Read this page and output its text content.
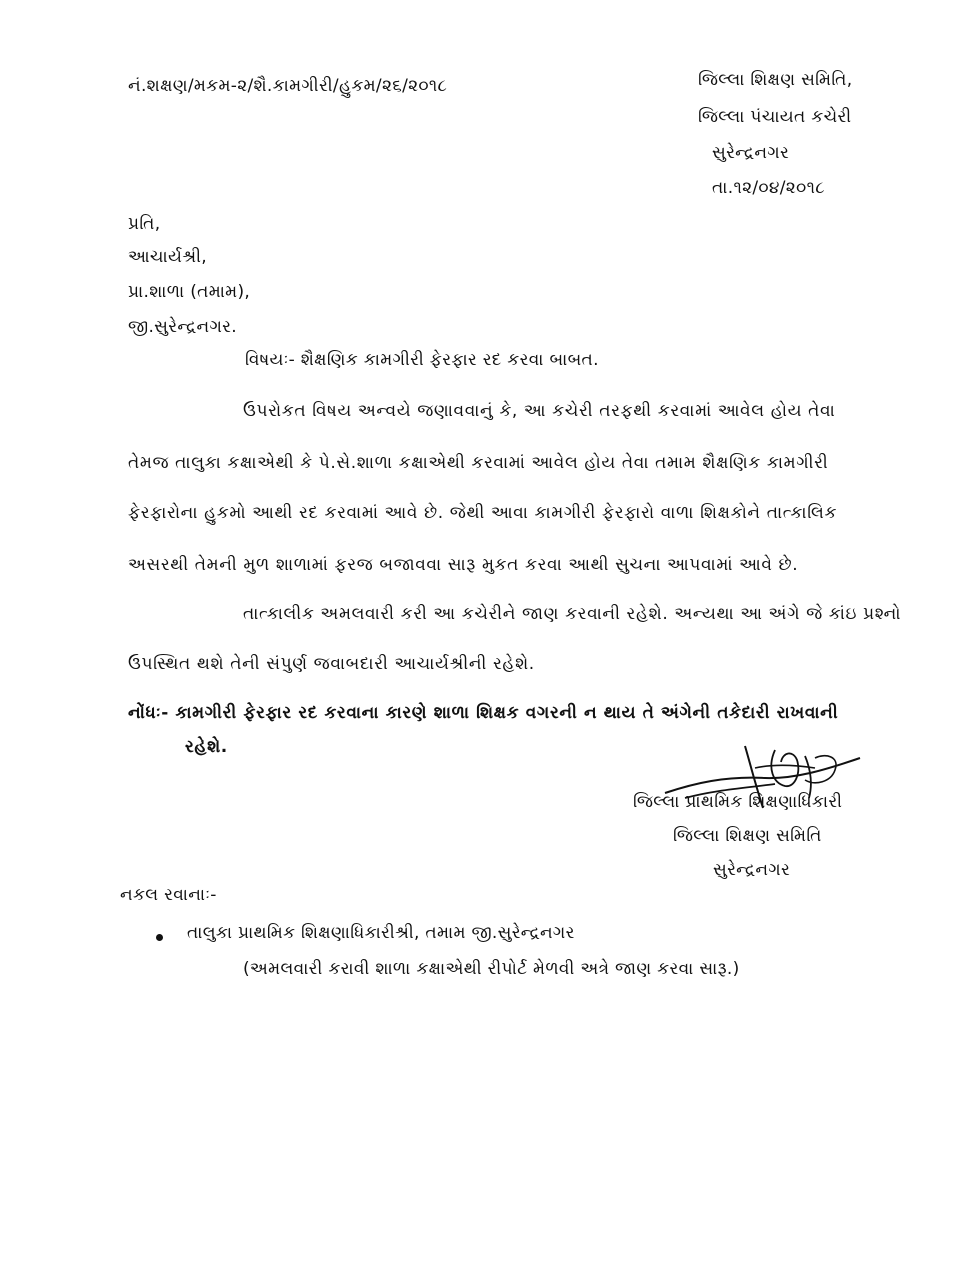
નં.શક્ષણ/મકમ-૨/શૈ.કામગીરી/હુકમ/૨૬/૨૦૧૮	જિલ્લા શિક્ષણ સમિતિ,
જિલ્લા પંચાયત કચેરી
સુરેન્દ્રનગર
તા.૧૨/૦૪/૨૦૧૮
પ્રતિ,
આચાર્યશ્રી,
પ્રા.શાળા (તમામ),
જી.સુરેન્દ્રનગર.
વિષયઃ- શૈક્ષણિક કામગીરી ફેરફાર રદ કરવા બાબત.
ઉપરોકત વિષય અન્વયે જણાવવાનું કે, આ કચેરી તરફથી કરવામાં આવેલ હોય તેવા
તેમજ તાલુકા કક્ષાએથી કે પે.સે.શાળા કક્ષાએથી કરવામાં આવેલ હોય તેવા તમામ શૈક્ષણિક કામગીરી
ફેરફારોના હુકમો આથી રદ કરવામાં આવે છે. જેથી આવા કામગીરી ફેરફારો વાળા શિક્ષકોને તાત્કાલિક
અસરથી તેમની મુળ શાળામાં ફરજ બજાવવા સારૂ મુકત કરવા આથી સુચના આપવામાં આવે છે.
તાત્કાલીક અમલવારી કરી આ કચેરીને જાણ કરવાની રહેશે. અન્યથા આ અંગે જે કાંઇ પ્રશ્નો
ઉપસ્થિત થશે તેની સંપુર્ણ જવાબદારી આચાર્યશ્રીની રહેશે.
નોંધઃ- કામગીરી ફેરફાર રદ કરવાના કારણે શાળા શિક્ષક વગરની ન થાય તે અંગેની તકેદારી રાખવાની
રહેશે.
જિલ્લા પ્રાથમિક શિક્ષણાધિકારી
જિલ્લા શિક્ષણ સમિતિ
સુરેન્દ્રનગર
નકલ રવાનાઃ-
તાલુકા પ્રાથમિક શિક્ષણાધિકારીશ્રી, તમામ જી.સુરેન્દ્રનગર
(અમલવારી કરાવી શાળા કક્ષાએથી રીપોર્ટ મેળવી અત્રે જાણ કરવા સારૂ.)
